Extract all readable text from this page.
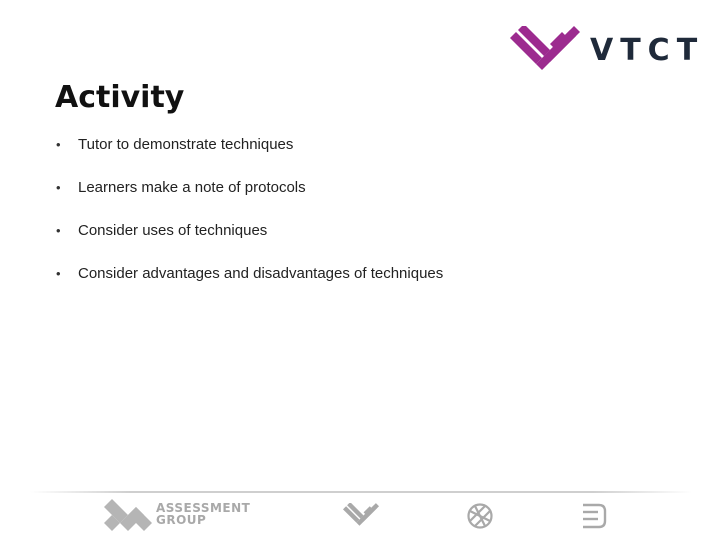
VTCT
Activity
• Tutor to demonstrate techniques
• Learners make a note of protocols
• Consider uses of techniques
• Consider advantages and disadvantages of techniques
ASSESSMENT
GROUP
